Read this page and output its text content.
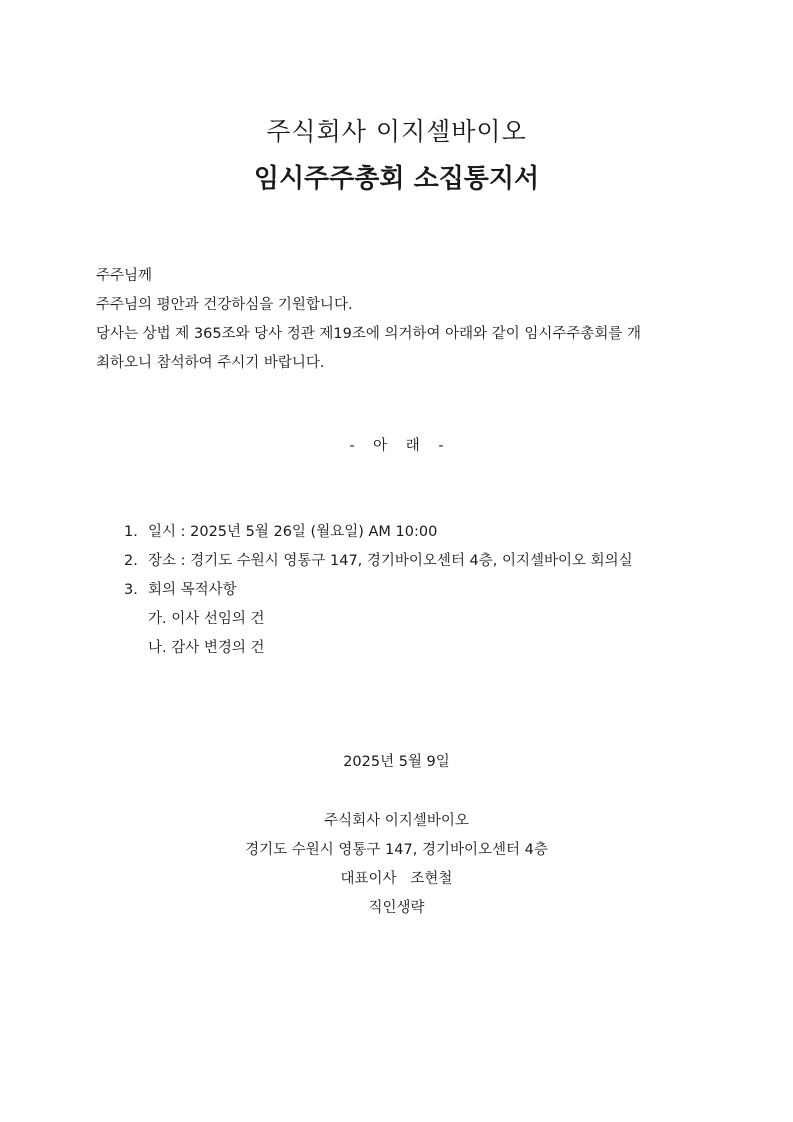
주식회사 이지셀바이오
임시주주총회 소집통지서

주주님께

주주님의 평안과 건강하심을 기원합니다.

당사는 상법 제 365조와 당사 정관 제19조에 의거하여 아래와 같이 임시주주총회를 개

최하오니 참석하여 주시기 바랍니다.

- 아 래 -
1. 일시 : 2025년 5월 26일 (월요일) AM 10:00
2. 장소 : 경기도 수원시 영통구 147, 경기바이오센터 4층, 이지셀바이오 회의실
3. 회의 목적사항
가. 이사 선임의 건
나. 감사 변경의 건
2025년 5월 9일
주식회사 이지셀바이오
경기도 수원시 영통구 147, 경기바이오센터 4층
대표이사   조현철
직인생략
